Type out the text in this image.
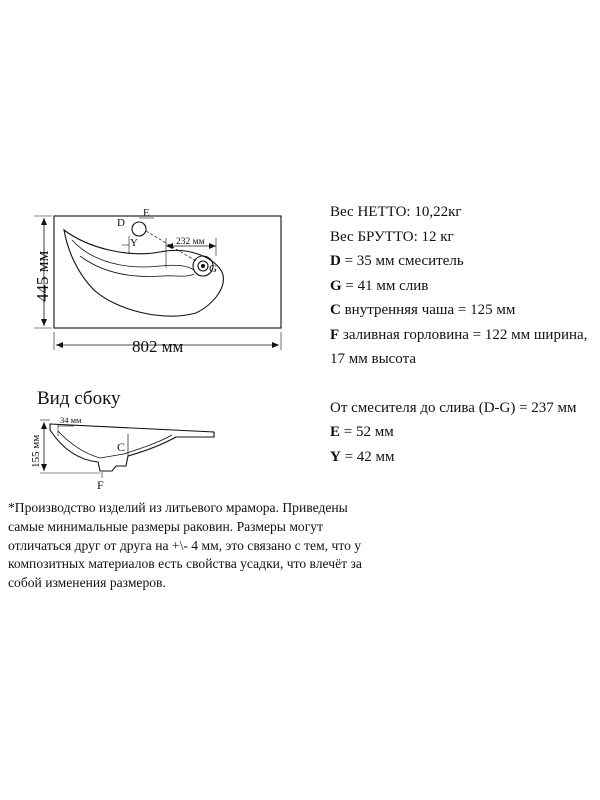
802 мм
445 мм
232 мм
D
E
Y
G
155 мм
34 мм
C
F
Вид сбоку
Вес НЕТТО: 10,22кг
Вес БРУТТО: 12 кг
D = 35 мм смеситель
G = 41 мм слив
C внутренняя чаша = 125 мм
F заливная горловина = 122 мм ширина, 17 мм высота
От смесителя до слива (D-G) = 237 мм
E = 52 мм
Y = 42 мм
*Производство изделий из литьевого мрамора. Приведены самые минимальные размеры раковин. Размеры могут отличаться друг от друга на +\- 4 мм, это связано с тем, что у композитных материалов есть свойства усадки, что влечёт за собой изменения размеров.
